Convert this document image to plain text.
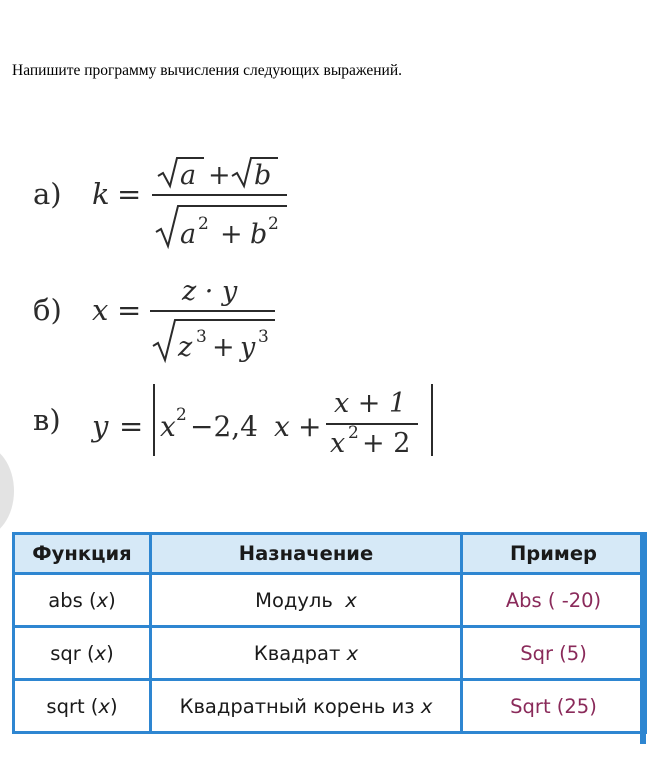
Напишите программу вычисления следующих выражений.
а) k =
a + b
a 2 + b 2
б) x =
z · y
z 3 + y 3
в) y = x 2 −2,4 x +
x + 1
x 2 + 2
Функция	Назначение	Пример
abs (x)	Модуль x	Abs ( -20)
sqr (x)	Квадрат x	Sqr (5)
sqrt (x)	Квадратный корень из x	Sqrt (25)
